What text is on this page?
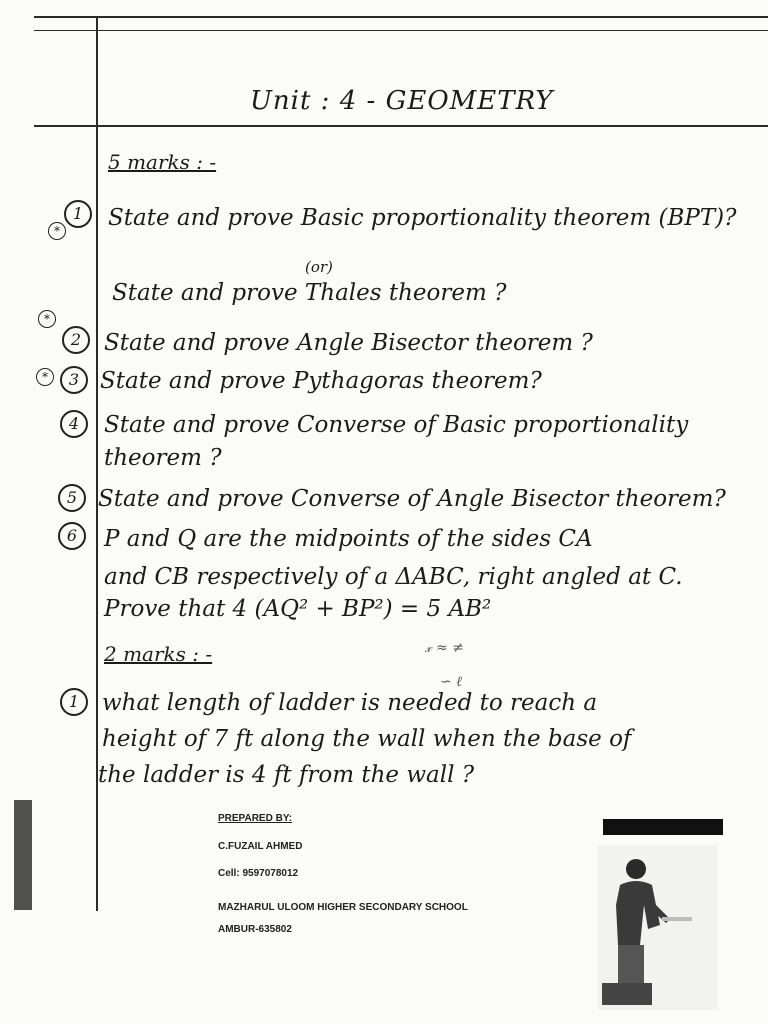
Unit : 4 - GEOMETRY
5 marks : -
*
1	State and prove Basic proportionality theorem (BPT)?
(or)
State and prove Thales theorem ?
*
2 State and prove Angle Bisector theorem ?
*	3 State and prove Pythagoras theorem?
4	State and prove Converse of Basic proportionality
theorem ?
5 State and prove Converse of Angle Bisector theorem?
6	P and Q are the midpoints of the sides CA
and CB respectively of a ΔABC, right angled at C.
Prove that 4 (AQ² + BP²) = 5 AB²
2 marks : -	𝓍 ≈ ≠
∽ ℓ
1 what length of ladder is needed to reach a
height of 7 ft along the wall when the base of
the ladder is 4 ft from the wall ?
PREPARED BY:
C.FUZAIL AHMED
Cell: 9597078012
MAZHARUL ULOOM HIGHER SECONDARY SCHOOL
AMBUR-635802
